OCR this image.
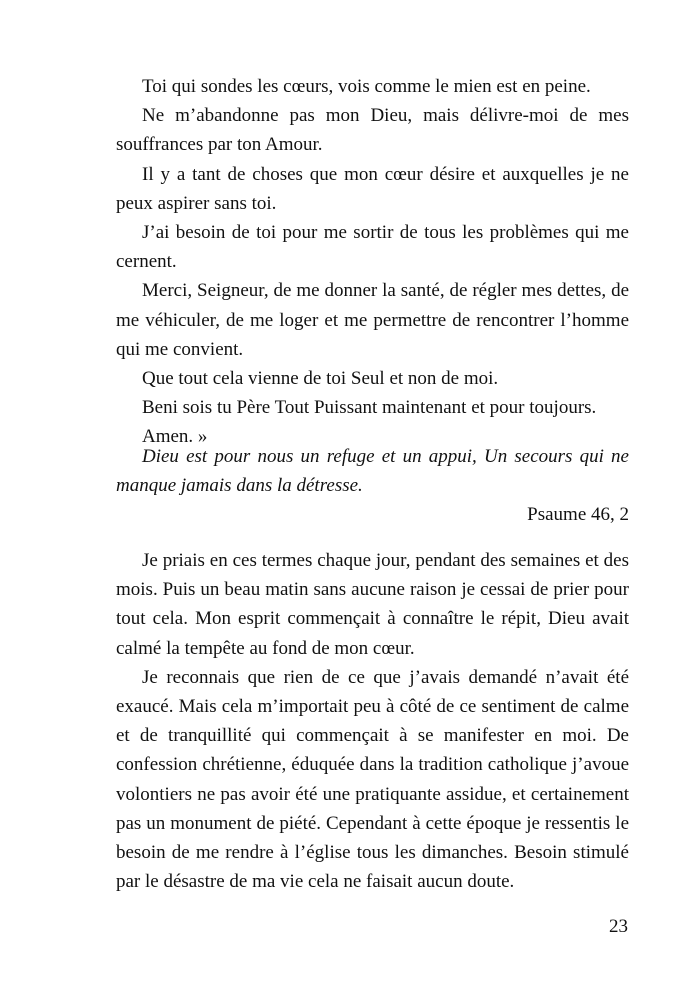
Toi qui sondes les cœurs, vois comme le mien est en peine.

Ne m’abandonne pas mon Dieu, mais délivre-moi de mes souffrances par ton Amour.

Il y a tant de choses que mon cœur désire et auxquelles je ne peux aspirer sans toi.

J’ai besoin de toi pour me sortir de tous les problèmes qui me cernent.

Merci, Seigneur, de me donner la santé, de régler mes dettes, de me véhiculer, de me loger et me permettre de rencontrer l’homme qui me convient.

Que tout cela vienne de toi Seul et non de moi.

Beni sois tu Père Tout Puissant maintenant et pour toujours.

Amen. »

Dieu est pour nous un refuge et un appui, Un secours qui ne manque jamais dans la détresse.

Psaume 46, 2

Je priais en ces termes chaque jour, pendant des semaines et des mois. Puis un beau matin sans aucune raison je cessai de prier pour tout cela. Mon esprit commençait à connaître le répit, Dieu avait calmé la tempête au fond de mon cœur.

Je reconnais que rien de ce que j’avais demandé n’avait été exaucé. Mais cela m’importait peu à côté de ce sentiment de calme et de tranquillité qui commençait à se manifester en moi. De confession chrétienne, éduquée dans la tradition catholique j’avoue volontiers ne pas avoir été une pratiquante assidue, et certainement pas un monument de piété. Cependant à cette époque je ressentis le besoin de me rendre à l’église tous les dimanches. Besoin stimulé par le désastre de ma vie cela ne faisait aucun doute.

23
